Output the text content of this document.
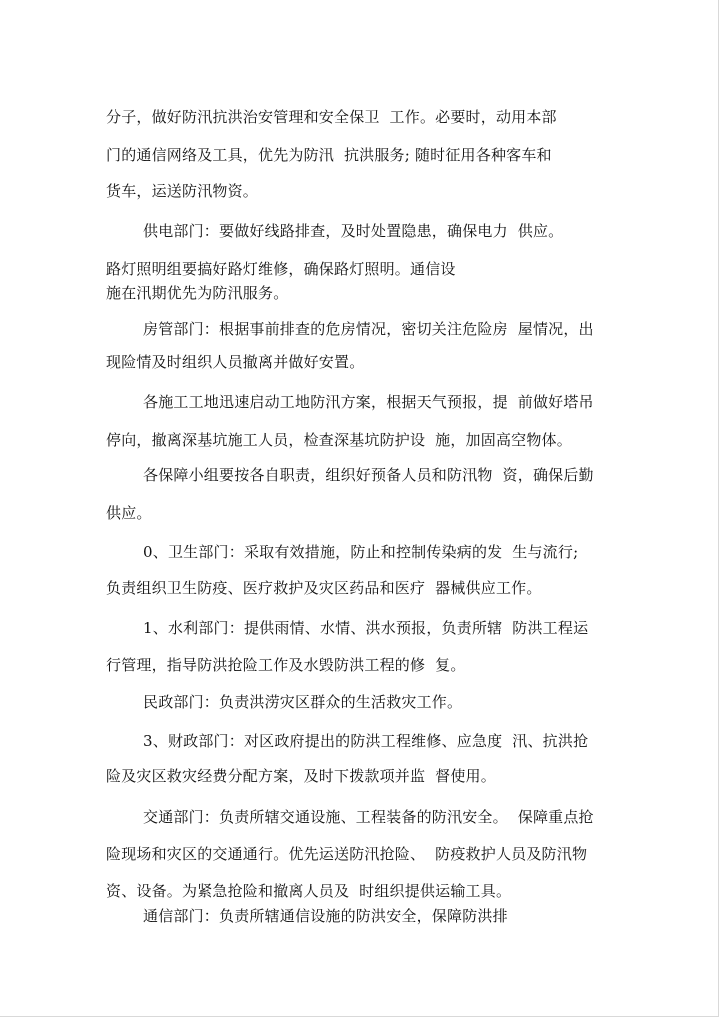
分子，做好防汛抗洪治安管理和安全保卫  工作。必要时，动用本部
门的通信网络及工具，优先为防汛  抗洪服务; 随时征用各种客车和
货车，运送防汛物资。
供电部门：要做好线路排查，及时处置隐患，确保电力  供应。
路灯照明组要搞好路灯维修，确保路灯照明。通信设
施在汛期优先为防汛服务。
房管部门：根据事前排查的危房情况，密切关注危险房  屋情况，出
现险情及时组织人员撤离并做好安置。
各施工工地迅速启动工地防汛方案，根据天气预报，提  前做好塔吊
停向，撤离深基坑施工人员，检查深基坑防护设  施，加固高空物体。
各保障小组要按各自职责，组织好预备人员和防汛物  资，确保后勤
供应。
0、卫生部门：采取有效措施，防止和控制传染病的发  生与流行;
负责组织卫生防疫、医疗救护及灾区药品和医疗  器械供应工作。
1、水利部门：提供雨情、水情、洪水预报，负责所辖  防洪工程运
行管理，指导防洪抢险工作及水毁防洪工程的修  复。
民政部门：负责洪涝灾区群众的生活救灾工作。
3、财政部门：对区政府提出的防洪工程维修、应急度  汛、抗洪抢
险及灾区救灾经费分配方案，及时下拨款项并监  督使用。
交通部门：负责所辖交通设施、工程装备的防汛安全。  保障重点抢
险现场和灾区的交通通行。优先运送防汛抢险、  防疫救护人员及防汛物
资、设备。为紧急抢险和撤离人员及  时组织提供运输工具。
通信部门：负责所辖通信设施的防洪安全，保障防洪排
